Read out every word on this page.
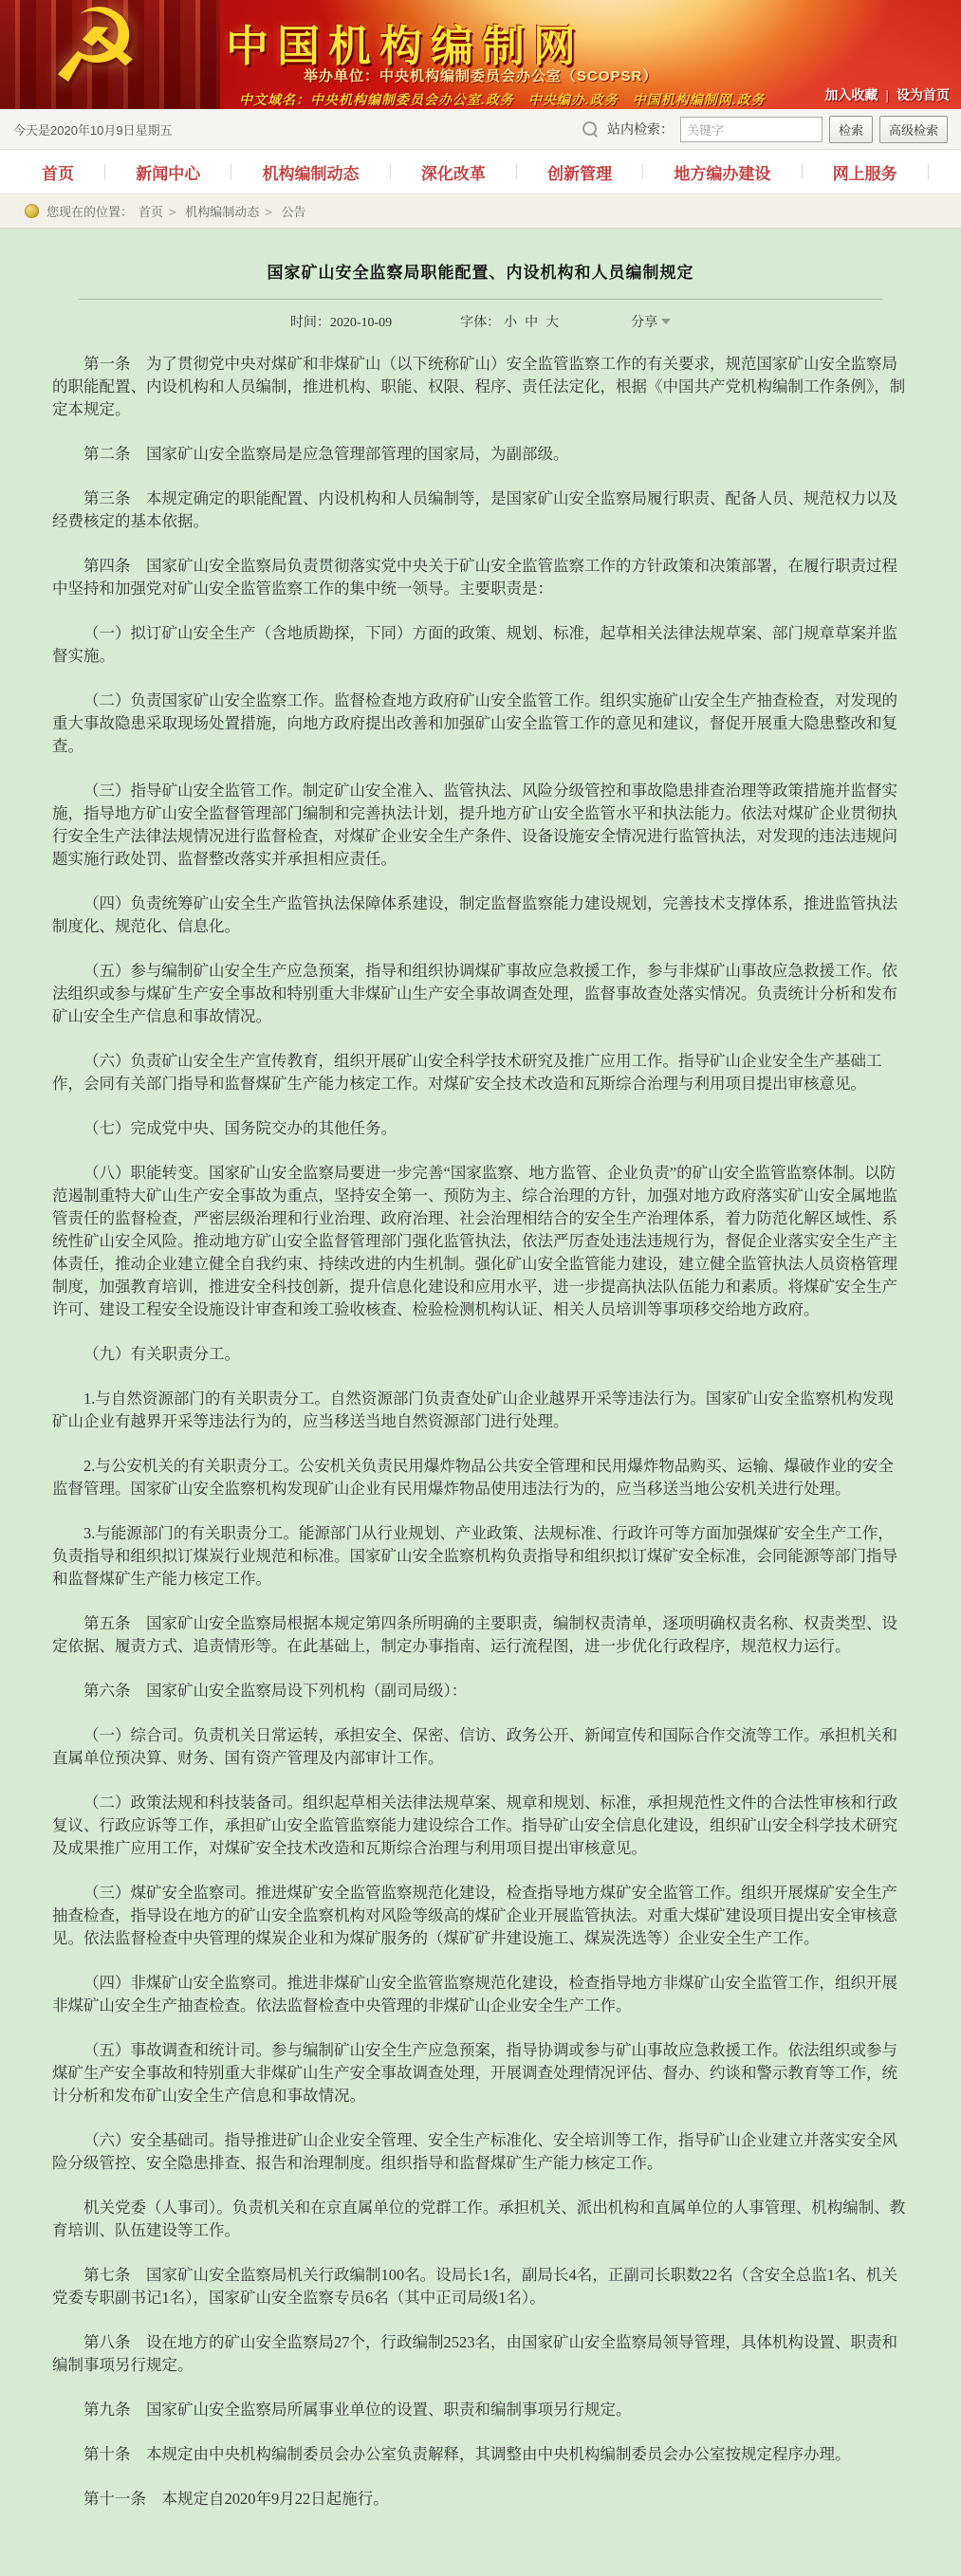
☭ 中国机构编制网
举办单位：中央机构编制委员会办公室（SCOPSR）
中文域名：中央机构编制委员会办公室.政务　中央编办.政务　中国机构编制网.政务	加入收藏 | 设为首页
今天是2020年10月9日星期五	站内检索：
关键字	检索	高级检索
首页	新闻中心	机构编制动态	深化改革	创新管理	地方编办建设	网上服务
您现在的位置： 首页 > 机构编制动态 > 公告
国家矿山安全监察局职能配置、内设机构和人员编制规定
时间：2020-10-09	字体： 小 中 大	分享

第一条　为了贯彻党中央对煤矿和非煤矿山（以下统称矿山）安全监管监察工作的有关要求，规范国家矿山安全监察局的职能配置、内设机构和人员编制，推进机构、职能、权限、程序、责任法定化，根据《中国共产党机构编制工作条例》，制定本规定。

第二条　国家矿山安全监察局是应急管理部管理的国家局，为副部级。

第三条　本规定确定的职能配置、内设机构和人员编制等，是国家矿山安全监察局履行职责、配备人员、规范权力以及经费核定的基本依据。

第四条　国家矿山安全监察局负责贯彻落实党中央关于矿山安全监管监察工作的方针政策和决策部署，在履行职责过程中坚持和加强党对矿山安全监管监察工作的集中统一领导。主要职责是：

（一）拟订矿山安全生产（含地质勘探，下同）方面的政策、规划、标准，起草相关法律法规草案、部门规章草案并监督实施。

（二）负责国家矿山安全监察工作。监督检查地方政府矿山安全监管工作。组织实施矿山安全生产抽查检查，对发现的重大事故隐患采取现场处置措施，向地方政府提出改善和加强矿山安全监管工作的意见和建议，督促开展重大隐患整改和复查。

（三）指导矿山安全监管工作。制定矿山安全准入、监管执法、风险分级管控和事故隐患排查治理等政策措施并监督实施，指导地方矿山安全监督管理部门编制和完善执法计划，提升地方矿山安全监管水平和执法能力。依法对煤矿企业贯彻执行安全生产法律法规情况进行监督检查，对煤矿企业安全生产条件、设备设施安全情况进行监管执法，对发现的违法违规问题实施行政处罚、监督整改落实并承担相应责任。

（四）负责统筹矿山安全生产监管执法保障体系建设，制定监督监察能力建设规划，完善技术支撑体系，推进监管执法制度化、规范化、信息化。

（五）参与编制矿山安全生产应急预案，指导和组织协调煤矿事故应急救援工作，参与非煤矿山事故应急救援工作。依法组织或参与煤矿生产安全事故和特别重大非煤矿山生产安全事故调查处理，监督事故查处落实情况。负责统计分析和发布矿山安全生产信息和事故情况。

（六）负责矿山安全生产宣传教育，组织开展矿山安全科学技术研究及推广应用工作。指导矿山企业安全生产基础工作，会同有关部门指导和监督煤矿生产能力核定工作。对煤矿安全技术改造和瓦斯综合治理与利用项目提出审核意见。

（七）完成党中央、国务院交办的其他任务。

（八）职能转变。国家矿山安全监察局要进一步完善“国家监察、地方监管、企业负责”的矿山安全监管监察体制。以防范遏制重特大矿山生产安全事故为重点，坚持安全第一、预防为主、综合治理的方针，加强对地方政府落实矿山安全属地监管责任的监督检查，严密层级治理和行业治理、政府治理、社会治理相结合的安全生产治理体系，着力防范化解区域性、系统性矿山安全风险。推动地方矿山安全监督管理部门强化监管执法，依法严厉查处违法违规行为，督促企业落实安全生产主体责任，推动企业建立健全自我约束、持续改进的内生机制。强化矿山安全监管能力建设，建立健全监管执法人员资格管理制度，加强教育培训，推进安全科技创新，提升信息化建设和应用水平，进一步提高执法队伍能力和素质。将煤矿安全生产许可、建设工程安全设施设计审查和竣工验收核查、检验检测机构认证、相关人员培训等事项移交给地方政府。

（九）有关职责分工。

1.与自然资源部门的有关职责分工。自然资源部门负责查处矿山企业越界开采等违法行为。国家矿山安全监察机构发现矿山企业有越界开采等违法行为的，应当移送当地自然资源部门进行处理。

2.与公安机关的有关职责分工。公安机关负责民用爆炸物品公共安全管理和民用爆炸物品购买、运输、爆破作业的安全监督管理。国家矿山安全监察机构发现矿山企业有民用爆炸物品使用违法行为的，应当移送当地公安机关进行处理。

3.与能源部门的有关职责分工。能源部门从行业规划、产业政策、法规标准、行政许可等方面加强煤矿安全生产工作，负责指导和组织拟订煤炭行业规范和标准。国家矿山安全监察机构负责指导和组织拟订煤矿安全标准，会同能源等部门指导和监督煤矿生产能力核定工作。

第五条　国家矿山安全监察局根据本规定第四条所明确的主要职责，编制权责清单，逐项明确权责名称、权责类型、设定依据、履责方式、追责情形等。在此基础上，制定办事指南、运行流程图，进一步优化行政程序，规范权力运行。

第六条　国家矿山安全监察局设下列机构（副司局级）：

（一）综合司。负责机关日常运转，承担安全、保密、信访、政务公开、新闻宣传和国际合作交流等工作。承担机关和直属单位预决算、财务、国有资产管理及内部审计工作。

（二）政策法规和科技装备司。组织起草相关法律法规草案、规章和规划、标准，承担规范性文件的合法性审核和行政复议、行政应诉等工作，承担矿山安全监管监察能力建设综合工作。指导矿山安全信息化建设，组织矿山安全科学技术研究及成果推广应用工作，对煤矿安全技术改造和瓦斯综合治理与利用项目提出审核意见。

（三）煤矿安全监察司。推进煤矿安全监管监察规范化建设，检查指导地方煤矿安全监管工作。组织开展煤矿安全生产抽查检查，指导设在地方的矿山安全监察机构对风险等级高的煤矿企业开展监管执法。对重大煤矿建设项目提出安全审核意见。依法监督检查中央管理的煤炭企业和为煤矿服务的（煤矿矿井建设施工、煤炭洗选等）企业安全生产工作。

（四）非煤矿山安全监察司。推进非煤矿山安全监管监察规范化建设，检查指导地方非煤矿山安全监管工作，组织开展非煤矿山安全生产抽查检查。依法监督检查中央管理的非煤矿山企业安全生产工作。

（五）事故调查和统计司。参与编制矿山安全生产应急预案，指导协调或参与矿山事故应急救援工作。依法组织或参与煤矿生产安全事故和特别重大非煤矿山生产安全事故调查处理，开展调查处理情况评估、督办、约谈和警示教育等工作，统计分析和发布矿山安全生产信息和事故情况。

（六）安全基础司。指导推进矿山企业安全管理、安全生产标准化、安全培训等工作，指导矿山企业建立并落实安全风险分级管控、安全隐患排查、报告和治理制度。组织指导和监督煤矿生产能力核定工作。

机关党委（人事司）。负责机关和在京直属单位的党群工作。承担机关、派出机构和直属单位的人事管理、机构编制、教育培训、队伍建设等工作。

第七条　国家矿山安全监察局机关行政编制100名。设局长1名，副局长4名，正副司长职数22名（含安全总监1名、机关党委专职副书记1名），国家矿山安全监察专员6名（其中正司局级1名）。

第八条　设在地方的矿山安全监察局27个，行政编制2523名，由国家矿山安全监察局领导管理，具体机构设置、职责和编制事项另行规定。

第九条　国家矿山安全监察局所属事业单位的设置、职责和编制事项另行规定。

第十条　本规定由中央机构编制委员会办公室负责解释，其调整由中央机构编制委员会办公室按规定程序办理。

第十一条　本规定自2020年9月22日起施行。
